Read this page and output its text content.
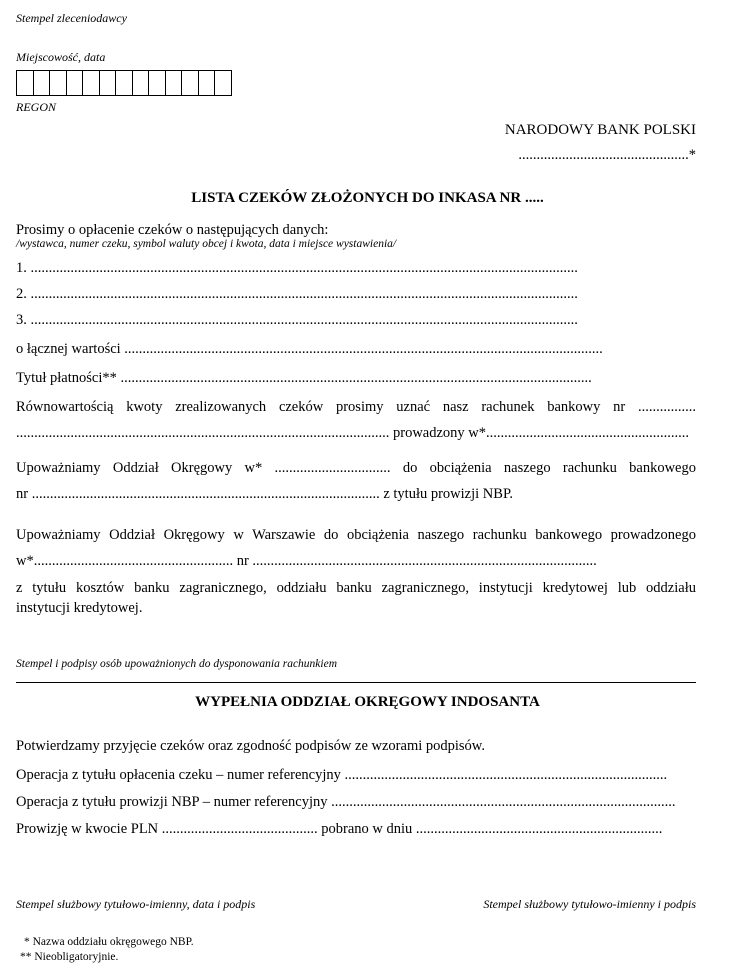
Stempel zleceniodawcy
Miejscowość, data
REGON
NARODOWY BANK POLSKI
...............................................*
LISTA CZEKÓW ZŁOŻONYCH DO INKASA NR .....
Prosimy o opłacenie czeków o następujących danych:
/wystawca, numer czeku, symbol waluty obcej i kwota, data i miejsce wystawienia/
1. .......................................................................................................................................................
2. .......................................................................................................................................................
3. .......................................................................................................................................................
o łącznej wartości ....................................................................................................................................
Tytuł płatności** ..................................................................................................................................
Równowartością kwoty zrealizowanych czeków prosimy uznać nasz rachunek bankowy nr ................
....................................................................................................... prowadzony w*........................................................
Upoważniamy Oddział Okręgowy w* ................................ do obciążenia naszego rachunku bankowego
nr ................................................................................................ z tytułu prowizji NBP.
Upoważniamy Oddział Okręgowy w Warszawie do obciążenia naszego rachunku bankowego prowadzonego
w*....................................................... nr ...............................................................................................
z tytułu kosztów banku zagranicznego, oddziału banku zagranicznego, instytucji kredytowej lub oddziału
instytucji kredytowej.
Stempel i podpisy osób upoważnionych do dysponowania rachunkiem
WYPEŁNIA ODDZIAŁ OKRĘGOWY INDOSANTA
Potwierdzamy przyjęcie czeków oraz zgodność podpisów ze wzorami podpisów.
Operacja z tytułu opłacenia czeku – numer referencyjny .........................................................................................
Operacja z tytułu prowizji NBP – numer referencyjny ...............................................................................................
Prowizję w kwocie PLN ........................................... pobrano w dniu ....................................................................
Stempel służbowy tytułowo-imienny, data i podpis	Stempel służbowy tytułowo-imienny i podpis
* Nazwa oddziału okręgowego NBP.
** Nieobligatoryjnie.
